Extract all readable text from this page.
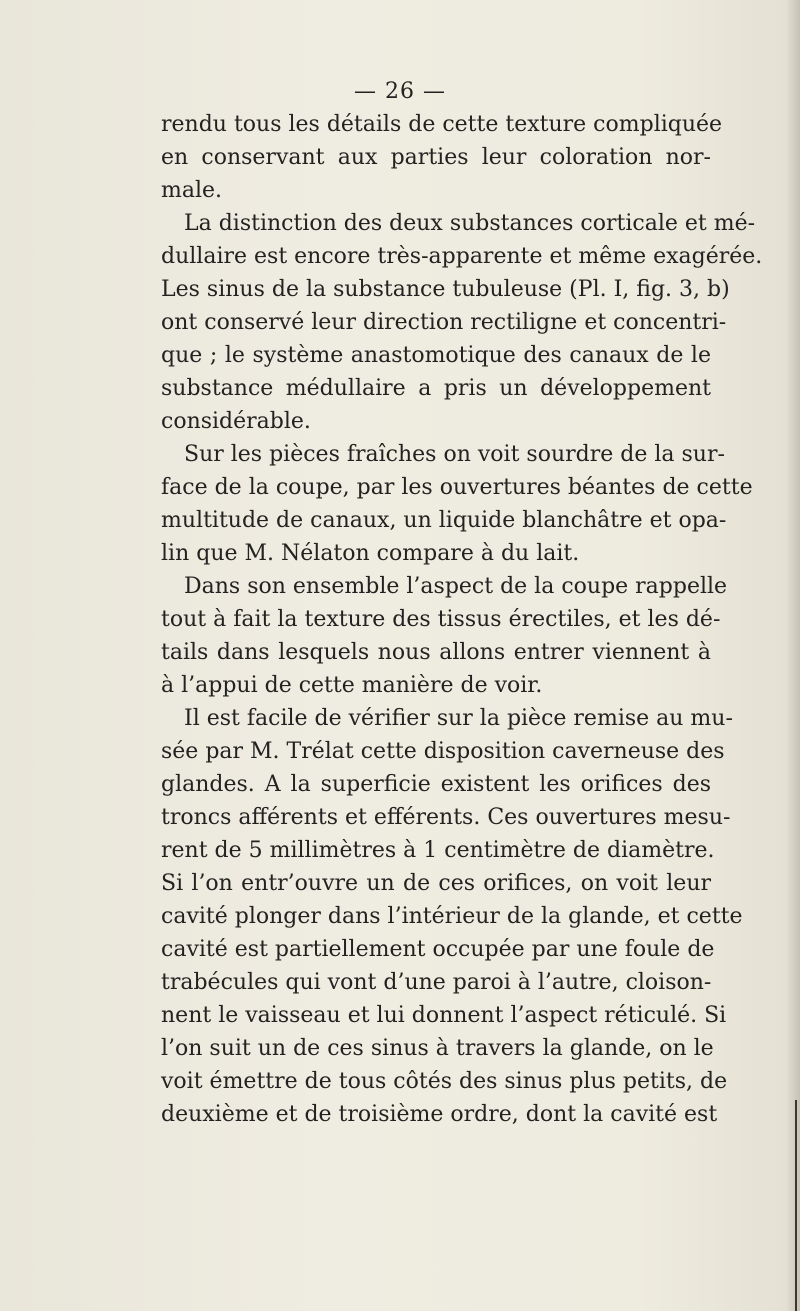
— 26 —
rendu tous les détails de cette texture compliquée
en conservant aux parties leur coloration nor-
male.
La distinction des deux substances corticale et mé-
dullaire est encore très-apparente et même exagérée.
Les sinus de la substance tubuleuse (Pl. I, fig. 3, b)
ont conservé leur direction rectiligne et concentri-
que ; le système anastomotique des canaux de le
substance médullaire a pris un développement
considérable.
Sur les pièces fraîches on voit sourdre de la sur-
face de la coupe, par les ouvertures béantes de cette
multitude de canaux, un liquide blanchâtre et opa-
lin que M. Nélaton compare à du lait.
Dans son ensemble l’aspect de la coupe rappelle
tout à fait la texture des tissus érectiles, et les dé-
tails dans lesquels nous allons entrer viennent à
à l’appui de cette manière de voir.
Il est facile de vérifier sur la pièce remise au mu-
sée par M. Trélat cette disposition caverneuse des
glandes. A la superficie existent les orifices des
troncs afférents et efférents. Ces ouvertures mesu-
rent de 5 millimètres à 1 centimètre de diamètre.
Si l’on entr’ouvre un de ces orifices, on voit leur
cavité plonger dans l’intérieur de la glande, et cette
cavité est partiellement occupée par une foule de
trabécules qui vont d’une paroi à l’autre, cloison-
nent le vaisseau et lui donnent l’aspect réticulé. Si
l’on suit un de ces sinus à travers la glande, on le
voit émettre de tous côtés des sinus plus petits, de
deuxième et de troisième ordre, dont la cavité est
